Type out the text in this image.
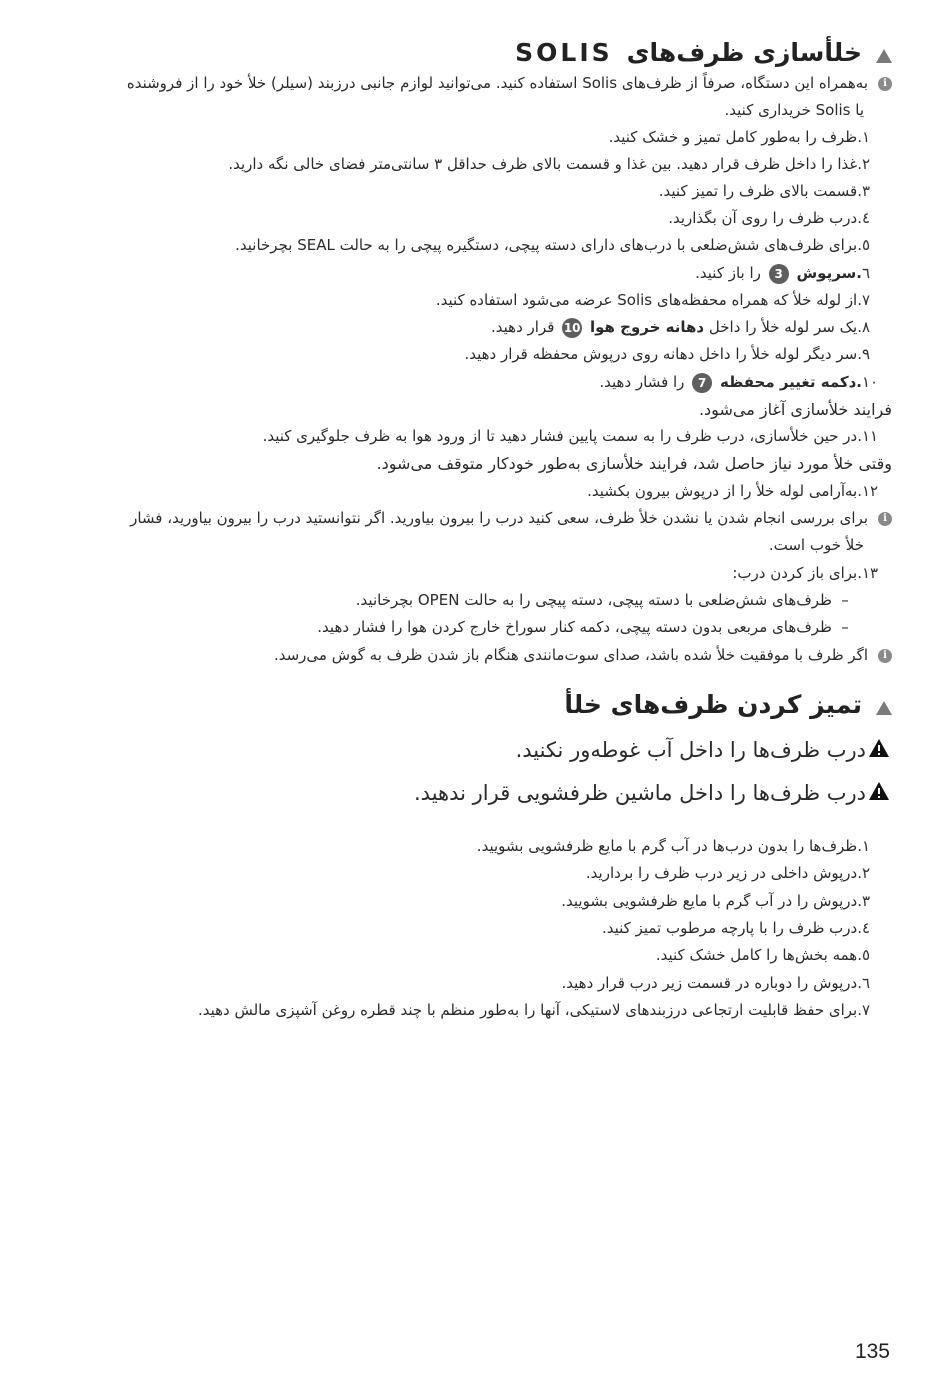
خلأسازی ظرف‌های
SOLIS
iبه‌همراه این دستگاه، صرفاً از ظرف‌های Solis استفاده کنید. می‌توانید لوازم جانبی درزبند (سیلر) خلأ خود را از فروشنده
یا Solis خریداری کنید.
١.ظرف را به‌طور کامل تمیز و خشک کنید.
٢.غذا را داخل ظرف قرار دهید. بین غذا و قسمت بالای ظرف حداقل ۳ سانتی‌متر فضای خالی نگه دارید.
٣.قسمت بالای ظرف را تمیز کنید.
٤.درب ظرف را روی آن بگذارید.
٥.برای ظرف‌های شش‌ضلعی با درب‌های دارای دسته پیچی، دستگیره پیچی را به حالت SEAL بچرخانید.
٦.سرپوش 3 را باز کنید.
٧.از لوله خلأ که همراه محفظه‌های Solis عرضه می‌شود استفاده کنید.
٨.یک سر لوله خلأ را داخل دهانه خروج هوا 10 قرار دهید.
٩.سر دیگر لوله خلأ را داخل دهانه روی درپوش محفظه قرار دهید.
١٠.دکمه تغییر محفظه 7 را فشار دهید.
فرایند خلأسازی آغاز می‌شود.
١١.در حین خلأسازی، درب ظرف را به سمت پایین فشار دهید تا از ورود هوا به ظرف جلوگیری کنید.
وقتی خلأ مورد نیاز حاصل شد، فرایند خلأسازی به‌طور خودکار متوقف می‌شود.
١٢.به‌آرامی لوله خلأ را از درپوش بیرون بکشید.
iبرای بررسی انجام شدن یا نشدن خلأ ظرف، سعی کنید درب را بیرون بیاورید. اگر نتوانستید درب را بیرون بیاورید، فشار
خلأ خوب است.
١٣.برای باز کردن درب:
–ظرف‌های شش‌ضلعی با دسته پیچی، دسته پیچی را به حالت OPEN بچرخانید.
–ظرف‌های مربعی بدون دسته پیچی، دکمه کنار سوراخ خارج کردن هوا را فشار دهید.
iاگر ظرف با موفقیت خلأ شده باشد، صدای سوت‌مانندی هنگام باز شدن ظرف به گوش می‌رسد.
تمیز کردن ظرف‌های خلأ
درب ظرف‌ها را داخل آب غوطه‌ور نکنید.
درب ظرف‌ها را داخل ماشین ظرفشویی قرار ندهید.
١.ظرف‌ها را بدون درب‌ها در آب گرم با مایع ظرفشویی بشویید.
٢.درپوش داخلی در زیر درب ظرف را بردارید.
٣.درپوش را در آب گرم با مایع ظرفشویی بشویید.
٤.درب ظرف را با پارچه مرطوب تمیز کنید.
٥.همه بخش‌ها را کامل خشک کنید.
٦.درپوش را دوباره در قسمت زیر درب قرار دهید.
٧.برای حفظ قابلیت ارتجاعی درزبندهای لاستیکی، آنها را به‌طور منظم با چند قطره روغن آشپزی مالش دهید.
135
